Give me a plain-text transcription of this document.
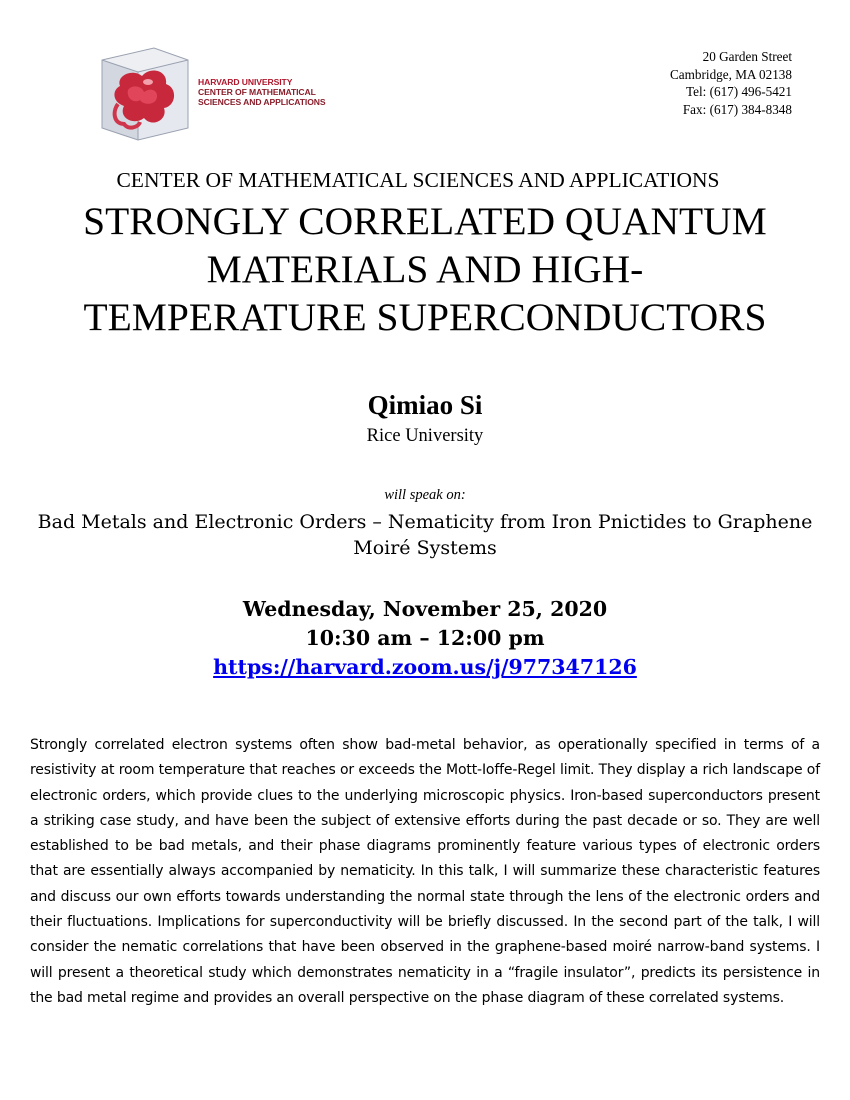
HARVARD UNIVERSITY
CENTER OF MATHEMATICAL
SCIENCES AND APPLICATIONS
20 Garden Street
Cambridge, MA 02138
Tel: (617) 496-5421
Fax: (617) 384-8348
CENTER OF MATHEMATICAL SCIENCES AND APPLICATIONS
STRONGLY CORRELATED QUANTUM
MATERIALS AND HIGH-
TEMPERATURE SUPERCONDUCTORS
Qimiao Si
Rice University
will speak on:
Bad Metals and Electronic Orders – Nematicity from Iron Pnictides to Graphene
Moiré Systems
Wednesday, November 25, 2020
10:30 am – 12:00 pm
https://harvard.zoom.us/j/977347126
Strongly correlated electron systems often show bad-metal behavior, as operationally specified in terms of a resistivity at room temperature that reaches or exceeds the Mott-Ioffe-Regel limit. They display a rich landscape of electronic orders, which provide clues to the underlying microscopic physics. Iron-based superconductors present a striking case study, and have been the subject of extensive efforts during the past decade or so. They are well established to be bad metals, and their phase diagrams prominently feature various types of electronic orders that are essentially always accompanied by nematicity. In this talk, I will summarize these characteristic features and discuss our own efforts towards understanding the normal state through the lens of the electronic orders and their fluctuations. Implications for superconductivity will be briefly discussed. In the second part of the talk, I will consider the nematic correlations that have been observed in the graphene-based moiré narrow-band systems. I will present a theoretical study which demonstrates nematicity in a “fragile insulator”, predicts its persistence in the bad metal regime and provides an overall perspective on the phase diagram of these correlated systems.
